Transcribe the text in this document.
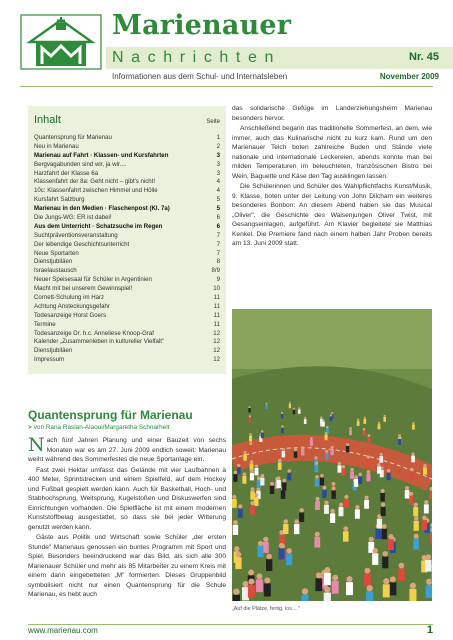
Marienauer
Nachrichten	Nr. 45
Informationen aus dem Schul- und Internatsleben	November 2009
Inhalt	Seite
Quantensprung für Marienau	1
Neu in Marienau	2
Marienau auf Fahrt · Klassen- und Kursfahrten	3
Bergvagabunden sind wir, ja wir....	3
Harzfahrt der Klasse 6a	3
Klassenfahrt der 8a: Geht nicht – gibt's nicht!	4
10c: Klassenfahrt zwischen Himmel und Hölle	4
Kursfahrt Salzburg	5
Marienau in den Medien · Flaschenpost (Kl. 7a)	5
Die Jungs-WG: ER ist dabei!	6
Aus dem Unterricht · Schatzsuche im Regen	6
Suchtpräventionsveranstaltung	7
Der lebendige Geschichtsunterricht	7
Neue Sportarten	7
Dienstjubiläen	8
Israelaustausch	8/9
Neuer Speisesaal für Schüler in Argentinien	9
Macht mit bei unserem Gewinnspiel!	10
Cornett-Schulung im Harz	11
Achtung Ansteckungsgefahr	11
Todesanzeige Horst Goers	11
Termine	11
Todesanzeige Dr. h.c. Anneliese Knoop-Graf	12
Kalender „Zusammenleben in kultureller Vielfalt"	12
Dienstjubiläen	12
Impressum	12
Quantensprung für Marienau
> von Rana Raslan-Alaoui/Margaretha Schnarhelt

Nach fünf Jahren Planung und einer Bauzeit von sechs Monaten war es am 27. Juni 2009 endlich soweit: Marienau weiht während des Sommerfestes die neue Sportanlage ein.

Fast zwei Hektar umfasst das Gelände mit vier Laufbahnen à 400 Meter, Sprintstrecken und einem Spielfeld, auf dem Hockey und Fußball gespielt werden kann. Auch für Basketball, Hoch- und Stabhochsprung, Weitsprung, Kugelstoßen und Diskuswerfen sind Einrichtungen vorhanden. Die Spielfläche ist mit einem modernen Kunststoffbelag ausgestattet, so dass sie bei jeder Witterung genutzt werden kann.

Gäste aus Politik und Wirtschaft sowie Schüler „der ersten Stunde" Marienaus genossen ein buntes Programm mit Sport und Spiel. Besonders beeindruckend war das Bild, als sich alle 300 Marienauer Schüler und mehr als 85 Mitarbeiter zu einem Kreis mit einem darin eingebetteten „M" formierten. Dieses Gruppenbild symbolisiert nicht nur einen Quantensprung für die Schule Marienau, es hebt auch

das solidarische Gefüge im Landerziehungsheim Marienau besonders hervor.

Anschließend begann das traditionelle Sommerfest, an dem, wie immer, auch das Kulinarische nicht zu kurz kam. Rund um den Marienauer Teich boten zahlreiche Buden und Stände viele nationale und internationale Leckereien, abends konnte man bei milden Temperaturen im beleuchteten, französischen Bistro bei Wein, Baguette und Käse den Tag ausklingen lassen.

Die Schülerinnen und Schüler des Wahlpflichtfachs Kunst/Musik, 9. Klasse, boten unter der Leitung von John Dilcham ein weiteres besonderes Bonbon: An diesem Abend haben sie das Musical „Oliver", die Geschichte des Waisenjungen Oliver Twist, mit Gesangseinlagen, aufgeführt. Am Klavier begleitete sie Matthias Kenkel. Die Premiere fand nach einem halben Jahr Proben bereits am 13. Juni 2009 statt.

„Auf die Plätze, fertig, los ..."
www.marienau.com	1
